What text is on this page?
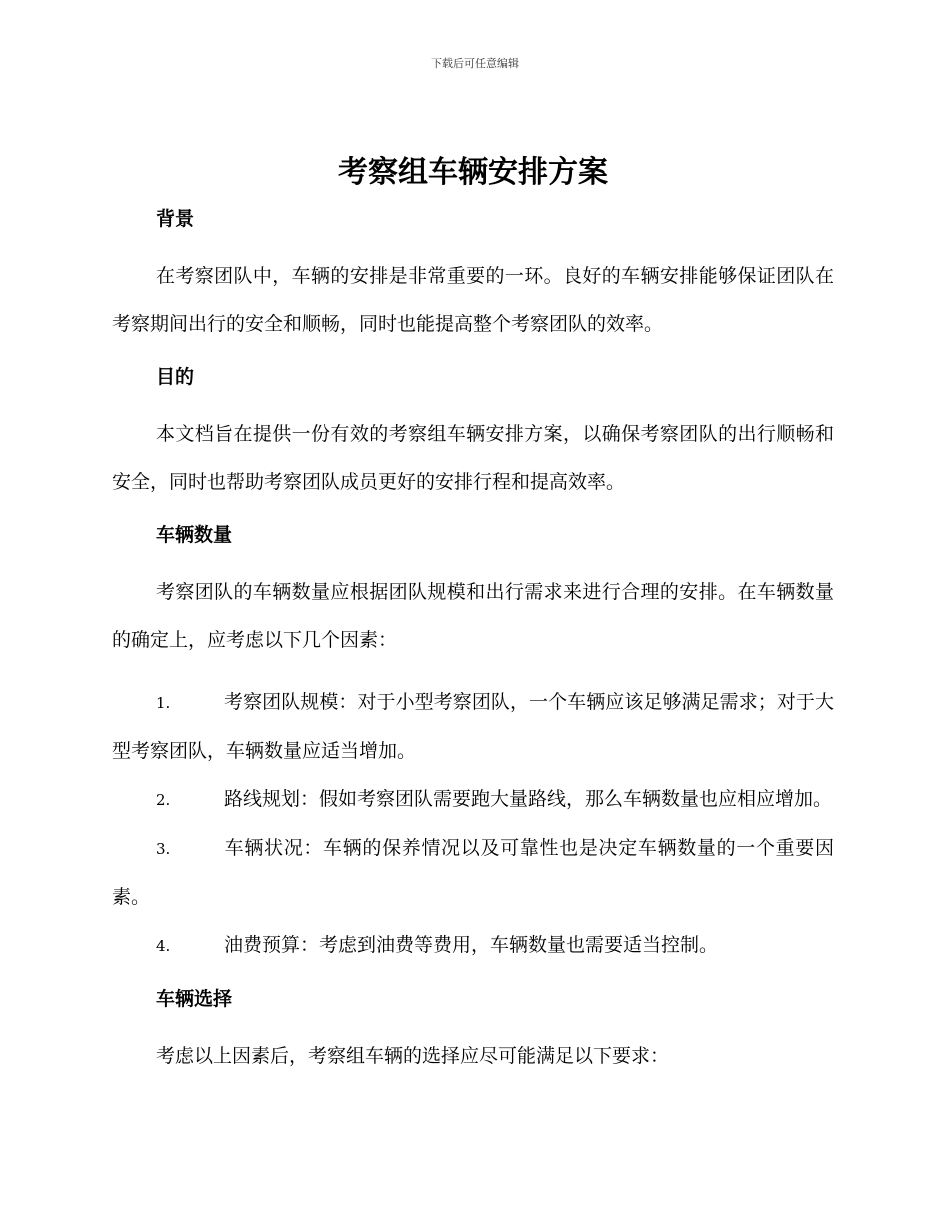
下载后可任意编辑
考察组车辆安排方案
背景

在考察团队中，车辆的安排是非常重要的一环。良好的车辆安排能够保证团队在考察期间出行的安全和顺畅，同时也能提高整个考察团队的效率。

目的

本文档旨在提供一份有效的考察组车辆安排方案，以确保考察团队的出行顺畅和安全，同时也帮助考察团队成员更好的安排行程和提高效率。

车辆数量

考察团队的车辆数量应根据团队规模和出行需求来进行合理的安排。在车辆数量的确定上，应考虑以下几个因素：

1.	考察团队规模：对于小型考察团队，一个车辆应该足够满足需求；对于大型考察团队，车辆数量应适当增加。

2.	路线规划：假如考察团队需要跑大量路线，那么车辆数量也应相应增加。

3.	车辆状况：车辆的保养情况以及可靠性也是决定车辆数量的一个重要因素。

4.	油费预算：考虑到油费等费用，车辆数量也需要适当控制。

车辆选择

考虑以上因素后，考察组车辆的选择应尽可能满足以下要求：
